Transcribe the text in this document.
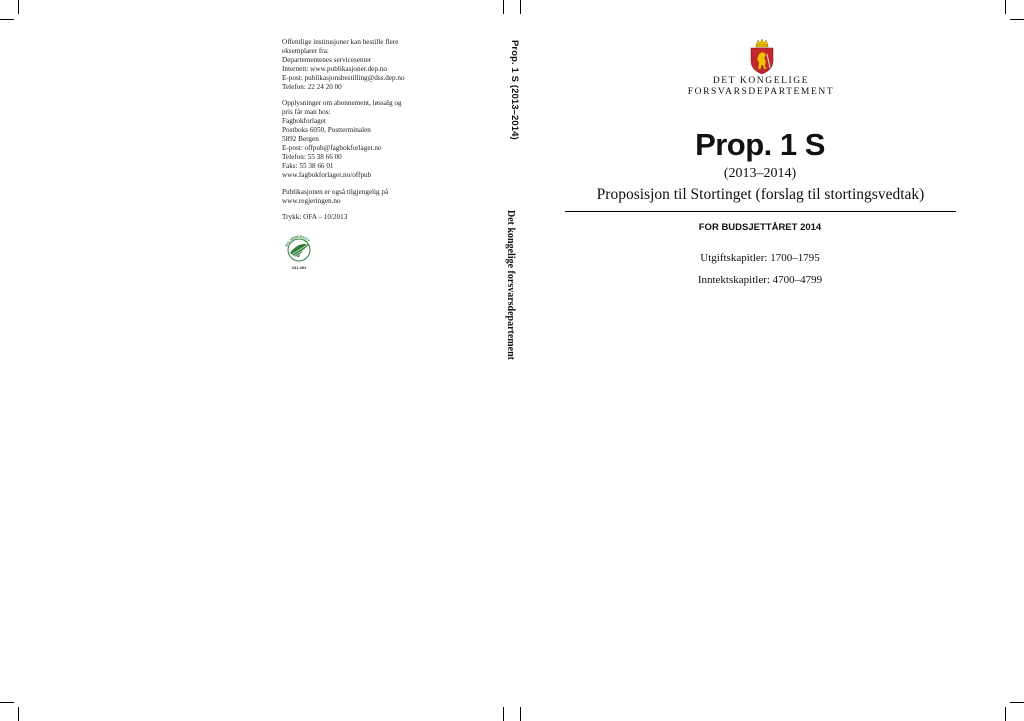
Offentlige institusjoner kan bestille flere
eksemplarer fra:
Departementenes servicesenter
Internett: www.publikasjoner.dep.no
E-post: publikasjonsbestilling@dss.dep.no
Telefon: 22 24 20 00
Opplysninger om abonnement, løssalg og
pris får man hos:
Fagbokforlaget
Postboks 6050, Postterminalen
5892 Bergen
E-post: offpub@fagbokforlaget.no
Telefon: 55 38 66 00
Faks: 55 38 66 01
www.fagbokforlaget.no/offpub
Publikasjonen er også tilgjengelig på
www.regjeringen.no
Trykk: OFA – 10/2013
MILJØMERKET
241 491
Prop. 1 S (2013–2014)
Det kongelige forsvarsdepartement
DET KONGELIGE
FORSVARSDEPARTEMENT
Prop. 1 S
(2013–2014)
Proposisjon til Stortinget (forslag til stortingsvedtak)
FOR BUDSJETTÅRET 2014
Utgiftskapitler: 1700–1795
Inntektskapitler: 4700–4799
